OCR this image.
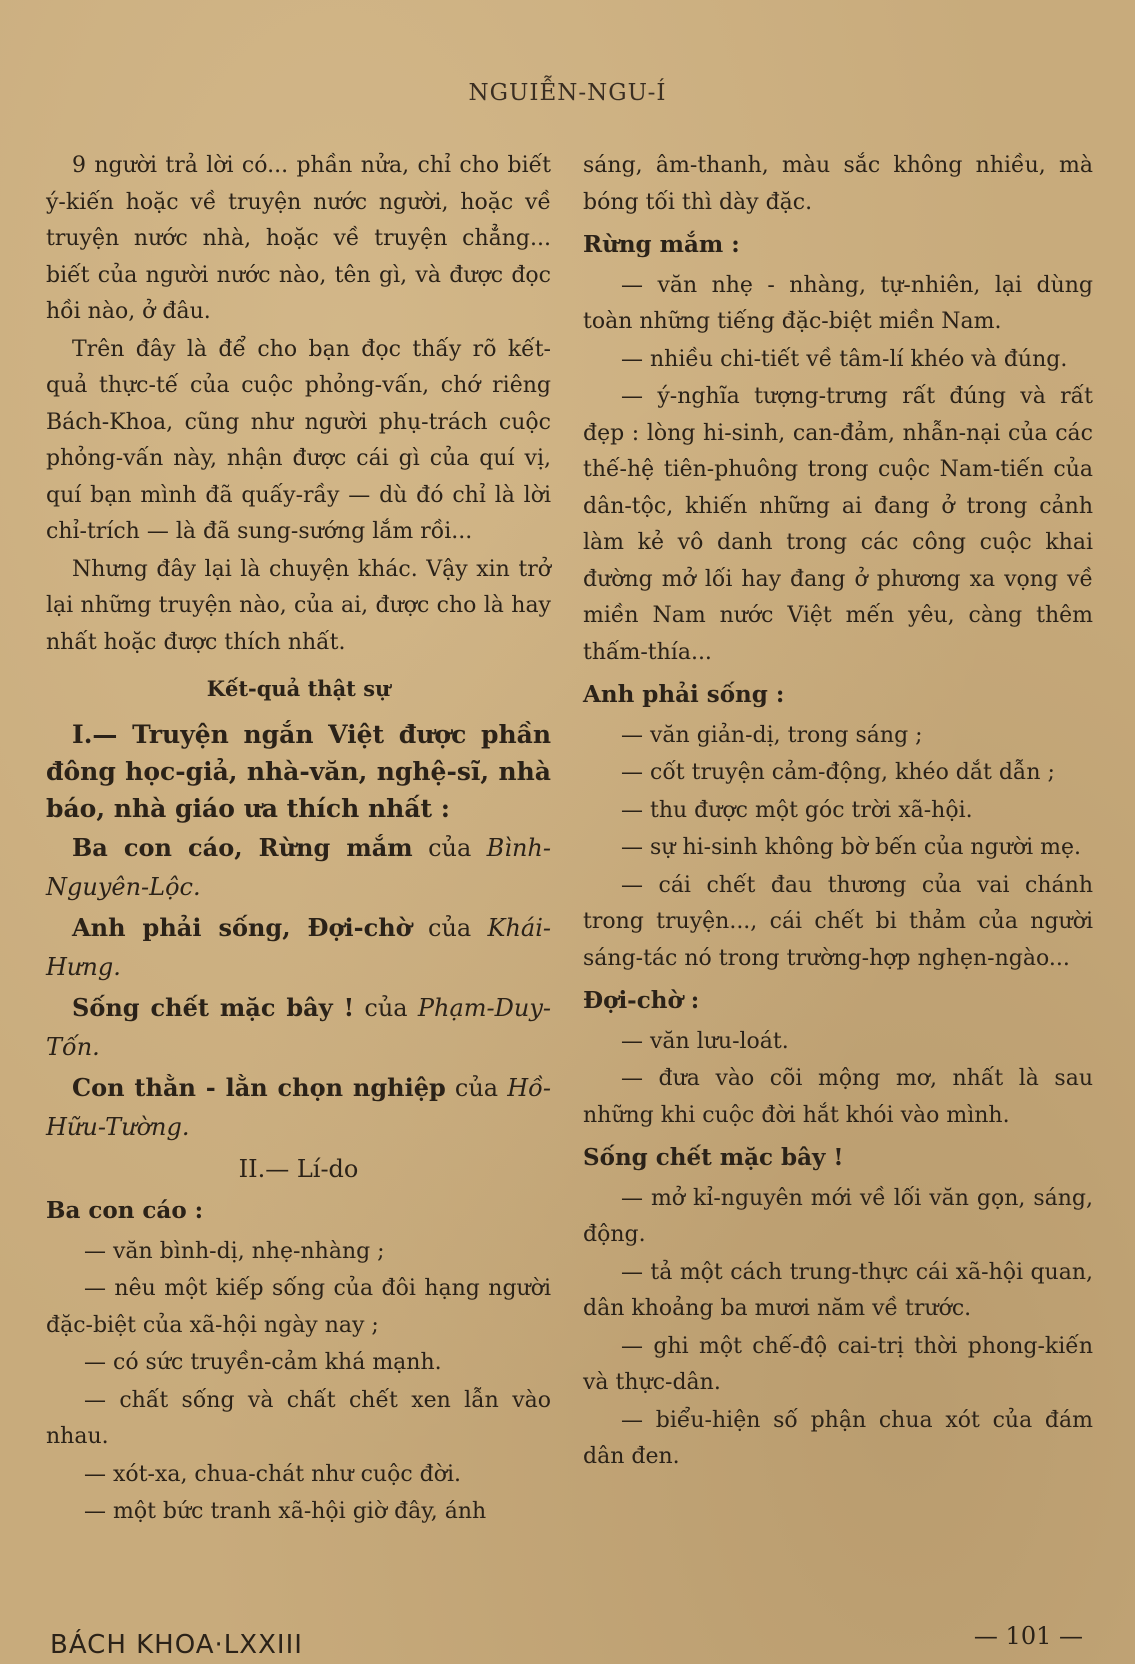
NGUIỄN-NGU-Í

9 người trả lời có... phần nửa, chỉ cho biết ý-kiến hoặc về truyện nước người, hoặc về truyện nước nhà, hoặc về truyện chẳng... biết của người nước nào, tên gì, và được đọc hồi nào, ở đâu.

Trên đây là để cho bạn đọc thấy rõ kết-quả thực-tế của cuộc phỏng-vấn, chớ riêng Bách-Khoa, cũng như người phụ-trách cuộc phỏng-vấn này, nhận được cái gì của quí vị, quí bạn mình đã quấy-rầy — dù đó chỉ là lời chỉ-trích — là đã sung-sướng lắm rồi...

Nhưng đây lại là chuyện khác. Vậy xin trở lại những truyện nào, của ai, được cho là hay nhất hoặc được thích nhất.

Kết-quả thật sự

I.— Truyện ngắn Việt được phần đông học-giả, nhà-văn, nghệ-sĩ, nhà báo, nhà giáo ưa thích nhất :

Ba con cáo, Rừng mắm của Bình-Nguyên-Lộc.

Anh phải sống, Đợi-chờ của Khái-Hưng.

Sống chết mặc bây ! của Phạm-Duy-Tốn.

Con thằn - lằn chọn nghiệp của Hồ-Hữu-Tường.

II.— Lí-do

Ba con cáo :

— văn bình-dị, nhẹ-nhàng ;

— nêu một kiếp sống của đôi hạng người đặc-biệt của xã-hội ngày nay ;

— có sức truyền-cảm khá mạnh.

— chất sống và chất chết xen lẫn vào nhau.

— xót-xa, chua-chát như cuộc đời.

— một bức tranh xã-hội giờ đây, ánh

sáng, âm-thanh, màu sắc không nhiều, mà bóng tối thì dày đặc.

Rừng mắm :

— văn nhẹ - nhàng, tự-nhiên, lại dùng toàn những tiếng đặc-biệt miền Nam.

— nhiều chi-tiết về tâm-lí khéo và đúng.

— ý-nghĩa tượng-trưng rất đúng và rất đẹp : lòng hi-sinh, can-đảm, nhẫn-nại của các thế-hệ tiên-phuông trong cuộc Nam-tiến của dân-tộc, khiến những ai đang ở trong cảnh làm kẻ vô danh trong các công cuộc khai đường mở lối hay đang ở phương xa vọng về miền Nam nước Việt mến yêu, càng thêm thấm-thía...

Anh phải sống :

— văn giản-dị, trong sáng ;

— cốt truyện cảm-động, khéo dắt dẫn ;

— thu được một góc trời xã-hội.

— sự hi-sinh không bờ bến của người mẹ.

— cái chết đau thương của vai chánh trong truyện..., cái chết bi thảm của người sáng-tác nó trong trường-hợp nghẹn-ngào...

Đợi-chờ :

— văn lưu-loát.

— đưa vào cõi mộng mơ, nhất là sau những khi cuộc đời hắt khói vào mình.

Sống chết mặc bây !

— mở kỉ-nguyên mới về lối văn gọn, sáng, động.

— tả một cách trung-thực cái xã-hội quan, dân khoảng ba mươi năm về trước.

— ghi một chế-độ cai-trị thời phong-kiến và thực-dân.

— biểu-hiện số phận chua xót của đám dân đen.

BÁCH KHOA·LXXIII	— 101 —
